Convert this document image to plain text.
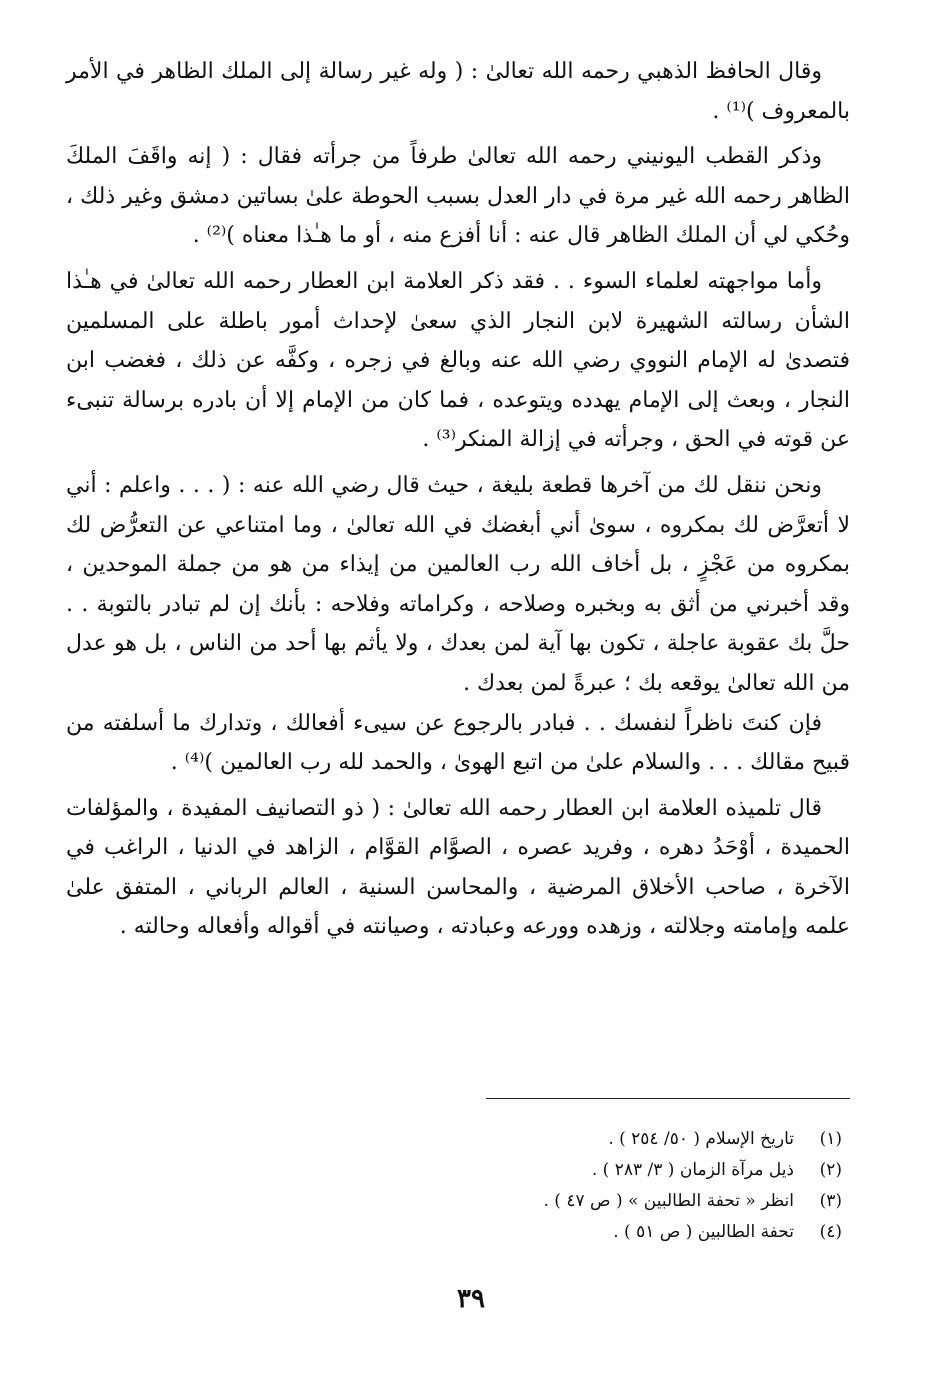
وقال الحافظ الذهبي رحمه الله تعالىٰ : ( وله غير رسالة إلى الملك الظاهر في الأمر بالمعروف )⁽¹⁾ .

وذكر القطب اليونيني رحمه الله تعالىٰ طرفاً من جرأته فقال : ( إنه واقَفَ الملكَ الظاهر رحمه الله غير مرة في دار العدل بسبب الحوطة علىٰ بساتين دمشق وغير ذلك ، وحُكي لي أن الملك الظاهر قال عنه : أنا أفزع منه ، أو ما هـٰذا معناه )⁽²⁾ .

وأما مواجهته لعلماء السوء . . فقد ذكر العلامة ابن العطار رحمه الله تعالىٰ في هـٰذا الشأن رسالته الشهيرة لابن النجار الذي سعىٰ لإحداث أمور باطلة على المسلمين فتصدىٰ له الإمام النووي رضي الله عنه وبالغ في زجره ، وكفَّه عن ذلك ، فغضب ابن النجار ، وبعث إلى الإمام يهدده ويتوعده ، فما كان من الإمام إلا أن بادره برسالة تنبىء عن قوته في الحق ، وجرأته في إزالة المنكر⁽³⁾ .

ونحن ننقل لك من آخرها قطعة بليغة ، حيث قال رضي الله عنه : ( . . . واعلم : أني لا أتعرَّض لك بمكروه ، سوىٰ أني أبغضك في الله تعالىٰ ، وما امتناعي عن التعرُّض لك بمكروه من عَجْزٍ ، بل أخاف الله رب العالمين من إيذاء من هو من جملة الموحدين ، وقد أخبرني من أثق به وبخبره وصلاحه ، وكراماته وفلاحه : بأنك إن لم تبادر بالتوبة . . حلَّ بك عقوبة عاجلة ، تكون بها آية لمن بعدك ، ولا يأثم بها أحد من الناس ، بل هو عدل من الله تعالىٰ يوقعه بك ؛ عبرةً لمن بعدك .

فإن كنتَ ناظراً لنفسك . . فبادر بالرجوع عن سيىء أفعالك ، وتدارك ما أسلفته من قبيح مقالك . . . والسلام علىٰ من اتبع الهوىٰ ، والحمد لله رب العالمين )⁽⁴⁾ .

قال تلميذه العلامة ابن العطار رحمه الله تعالىٰ : ( ذو التصانيف المفيدة ، والمؤلفات الحميدة ، أوْحَدُ دهره ، وفريد عصره ، الصوَّام القوَّام ، الزاهد في الدنيا ، الراغب في الآخرة ، صاحب الأخلاق المرضية ، والمحاسن السنية ، العالم الرباني ، المتفق علىٰ علمه وإمامته وجلالته ، وزهده وورعه وعبادته ، وصيانته في أقواله وأفعاله وحالته .

(١)
تاريخ الإسلام ( ٥٠/ ٢٥٤ ) .
(٢)
ذيل مرآة الزمان ( ٣/ ٢٨٣ ) .
(٣)
انظر « تحفة الطالبين » ( ص ٤٧ ) .
(٤)
تحفة الطالبين ( ص ٥١ ) .
٣٩
